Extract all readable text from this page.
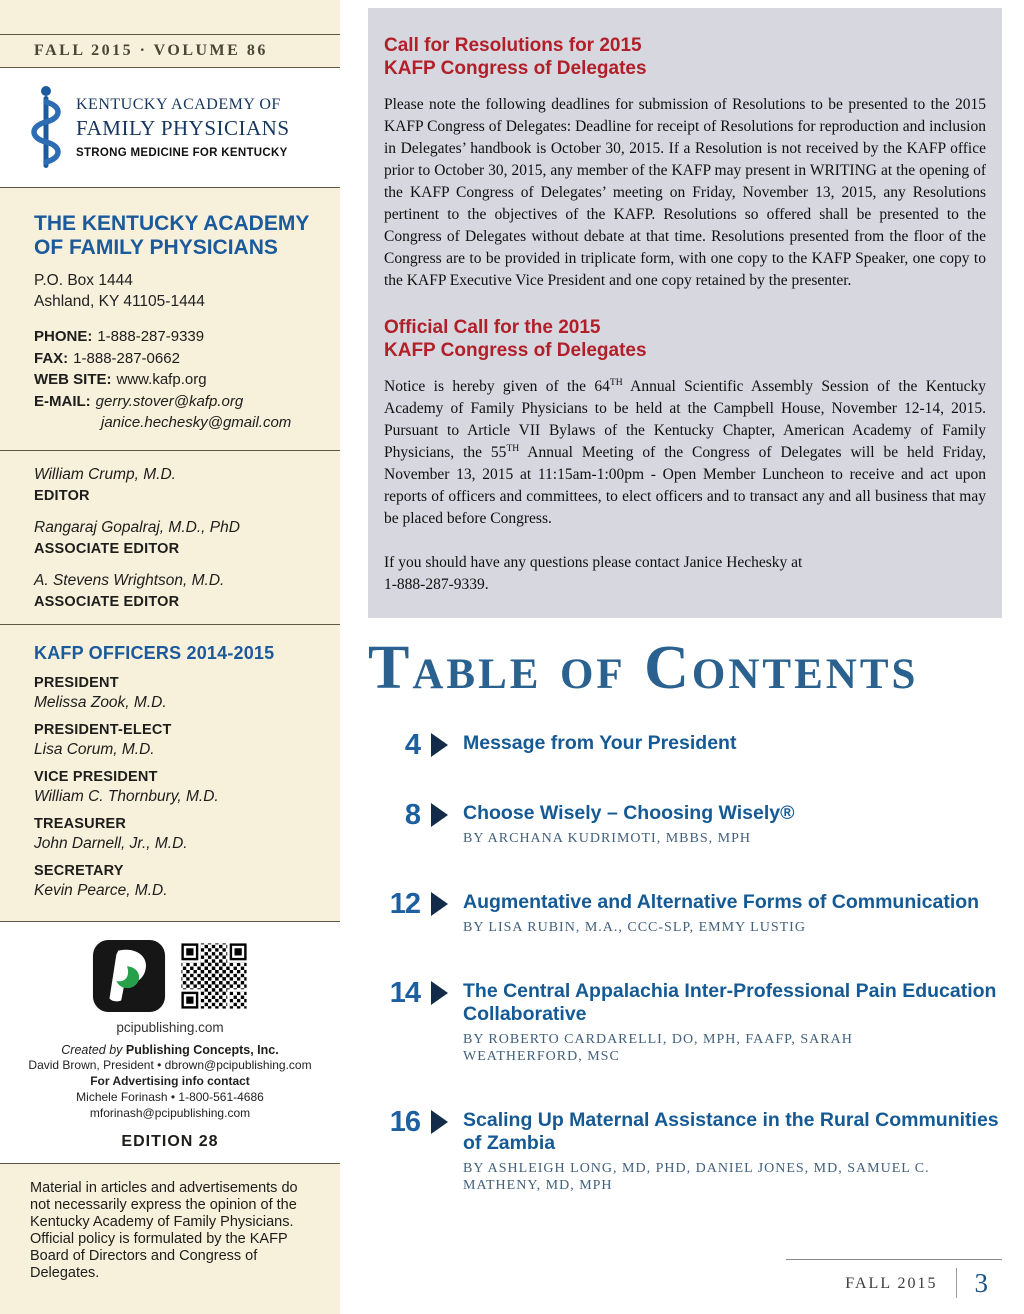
FALL 2015 · VOLUME 86
KENTUCKY ACADEMY OF
FAMILY PHYSICIANS
STRONG MEDICINE FOR KENTUCKY
THE KENTUCKY ACADEMY OF FAMILY PHYSICIANS
P.O. Box 1444
Ashland, KY 41105-1444
PHONE: 1-888-287-9339
FAX: 1-888-287-0662
WEB SITE: www.kafp.org
E-MAIL: gerry.stover@kafp.org
janice.hechesky@gmail.com
William Crump, M.D.
EDITOR
Rangaraj Gopalraj, M.D., PhD
ASSOCIATE EDITOR
A. Stevens Wrightson, M.D.
ASSOCIATE EDITOR
KAFP OFFICERS 2014-2015
PRESIDENT
Melissa Zook, M.D.
PRESIDENT-ELECT
Lisa Corum, M.D.
VICE PRESIDENT
William C. Thornbury, M.D.
TREASURER
John Darnell, Jr., M.D.
SECRETARY
Kevin Pearce, M.D.
pcipublishing.com
Created by Publishing Concepts, Inc.
David Brown, President • dbrown@pcipublishing.com
For Advertising info contact
Michele Forinash • 1-800-561-4686
mforinash@pcipublishing.com
EDITION 28

Material in articles and advertisements do not necessarily express the opinion of the Kentucky Academy of Family Physicians. Official policy is formulated by the KAFP Board of Directors and Congress of Delegates.

Call for Resolutions for 2015
KAFP Congress of Delegates

Please note the following deadlines for submission of Resolutions to be presented to the 2015 KAFP Congress of Delegates: Deadline for receipt of Resolutions for reproduction and inclusion in Delegates’ handbook is October 30, 2015. If a Resolution is not received by the KAFP office prior to October 30, 2015, any member of the KAFP may present in WRITING at the opening of the KAFP Congress of Delegates’ meeting on Friday, November 13, 2015, any Resolutions pertinent to the objectives of the KAFP. Resolutions so offered shall be presented to the Congress of Delegates without debate at that time. Resolutions presented from the floor of the Congress are to be provided in triplicate form, with one copy to the KAFP Speaker, one copy to the KAFP Executive Vice President and one copy retained by the presenter.

Official Call for the 2015
KAFP Congress of Delegates

Notice is hereby given of the 64TH Annual Scientific Assembly Session of the Kentucky Academy of Family Physicians to be held at the Campbell House, November 12-14, 2015. Pursuant to Article VII Bylaws of the Kentucky Chapter, American Academy of Family Physicians, the 55TH Annual Meeting of the Congress of Delegates will be held Friday, November 13, 2015 at 11:15am-1:00pm - Open Member Luncheon to receive and act upon reports of officers and committees, to elect officers and to transact any and all business that may be placed before Congress.

If you should have any questions please contact Janice Hechesky at
1-888-287-9339.

Table of Contents
4 Message from Your President
8 Choose Wisely – Choosing Wisely®
BY ARCHANA KUDRIMOTI, MBBS, MPH
12 Augmentative and Alternative Forms of Communication
BY LISA RUBIN, M.A., CCC-SLP, EMMY LUSTIG
14 The Central Appalachia Inter-Professional Pain Education Collaborative
BY ROBERTO CARDARELLI, DO, MPH, FAAFP, SARAH WEATHERFORD, MSC
16 Scaling Up Maternal Assistance in the Rural Communities of Zambia
BY ASHLEIGH LONG, MD, PHD, DANIEL JONES, MD, SAMUEL C. MATHENY, MD, MPH
FALL 2015 3
